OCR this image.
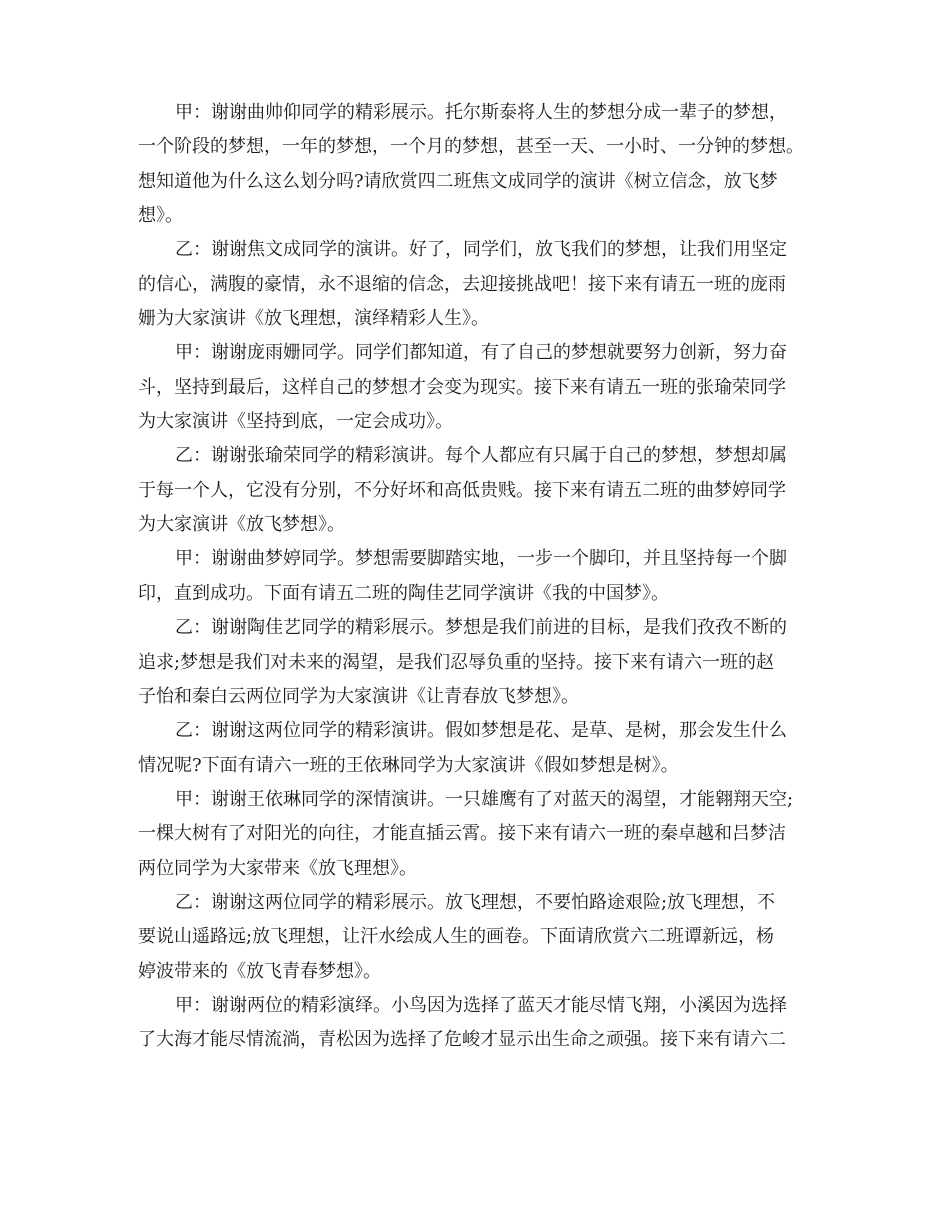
甲：谢谢曲帅仰同学的精彩展示。托尔斯泰将人生的梦想分成一辈子的梦想，
一个阶段的梦想，一年的梦想，一个月的梦想，甚至一天、一小时、一分钟的梦想。
想知道他为什么这么划分吗?请欣赏四二班焦文成同学的演讲《树立信念，放飞梦
想》。
乙：谢谢焦文成同学的演讲。好了，同学们，放飞我们的梦想，让我们用坚定
的信心，满腹的豪情，永不退缩的信念，去迎接挑战吧！接下来有请五一班的庞雨
姗为大家演讲《放飞理想，演绎精彩人生》。
甲：谢谢庞雨姗同学。同学们都知道，有了自己的梦想就要努力创新，努力奋
斗，坚持到最后，这样自己的梦想才会变为现实。接下来有请五一班的张瑜荣同学
为大家演讲《坚持到底，一定会成功》。
乙：谢谢张瑜荣同学的精彩演讲。每个人都应有只属于自己的梦想，梦想却属
于每一个人，它没有分别，不分好坏和高低贵贱。接下来有请五二班的曲梦婷同学
为大家演讲《放飞梦想》。
甲：谢谢曲梦婷同学。梦想需要脚踏实地，一步一个脚印，并且坚持每一个脚
印，直到成功。下面有请五二班的陶佳艺同学演讲《我的中国梦》。
乙：谢谢陶佳艺同学的精彩展示。梦想是我们前进的目标，是我们孜孜不断的
追求;梦想是我们对未来的渴望，是我们忍辱负重的坚持。接下来有请六一班的赵
子怡和秦白云两位同学为大家演讲《让青春放飞梦想》。
乙：谢谢这两位同学的精彩演讲。假如梦想是花、是草、是树，那会发生什么
情况呢?下面有请六一班的王依琳同学为大家演讲《假如梦想是树》。
甲：谢谢王依琳同学的深情演讲。一只雄鹰有了对蓝天的渴望，才能翱翔天空;
一棵大树有了对阳光的向往，才能直插云霄。接下来有请六一班的秦卓越和吕梦洁
两位同学为大家带来《放飞理想》。
乙：谢谢这两位同学的精彩展示。放飞理想，不要怕路途艰险;放飞理想，不
要说山遥路远;放飞理想，让汗水绘成人生的画卷。下面请欣赏六二班谭新远，杨
婷波带来的《放飞青春梦想》。
甲：谢谢两位的精彩演绎。小鸟因为选择了蓝天才能尽情飞翔，小溪因为选择
了大海才能尽情流淌，青松因为选择了危峻才显示出生命之顽强。接下来有请六二
